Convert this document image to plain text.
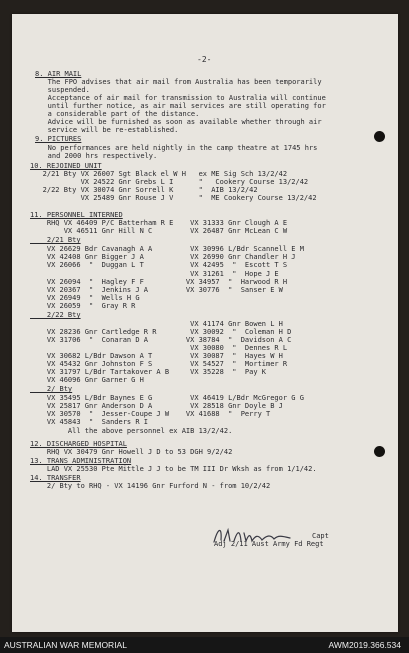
-2-
8. AIR MAIL
The FPO advises that air mail from Australia has been temporarily
suspended.
Acceptance of air mail for transmission to Australia will continue
until further notice, as air mail services are still operating for
a considerable part of the distance.
Advice will be furnished as soon as available whether through air
service will be re-established.
9. PICTURES
No performances are held nightly in the camp theatre at 1745 hrs
and 2000 hrs respectively.
10. REJOINED UNIT
2/21 Bty VX 26007 Sgt Black el W H   ex ME Sig Sch 13/2/42
VX 24522 Gnr Grebs L I      "   Cookery Course 13/2/42
2/22 Bty VX 30074 Gnr Sorrell K      "  AIB 13/2/42
VX 25489 Gnr Rouse J V      "  ME Cookery Course 13/2/42
11. PERSONNEL INTERNED
RHQ VX 46409 P/C Batterham R E    VX 31333 Gnr Clough A E
VX 46511 Gnr Hill N C         VX 26487 Gnr McLean C W
2/21 Bty
VX 26629 Bdr Cavanagh A A         VX 30996 L/Bdr Scannell E M
VX 42408 Gnr Bigger J A           VX 26990 Gnr Chandler H J
VX 26066  "  Duggan L T           VX 42495  "  Escott T S
VX 31261  "  Hope J E
VX 26094  "  Hagley F F          VX 34957  "  Harwood R H
VX 20367  "  Jenkins J A         VX 30776  "  Sanser E W
VX 26949  "  Wells H G
VX 26059  "  Gray R R
2/22 Bty
VX 41174 Gnr Bowen L H
VX 28236 Gnr Cartledge R R        VX 30092  "  Coleman H D
VX 31706  "  Conaran D A         VX 38784  "  Davidson A C
VX 30080  "  Dennes R L
VX 30682 L/Bdr Dawson A T         VX 30087  "  Hayes W H
VX 45432 Gnr Johnston F S         VX 54527  "  Mortimer R
VX 31797 L/Bdr Tartakover A B     VX 35228  "  Pay K
VX 46096 Gnr Garner G H
2/ Bty
VX 35495 L/Bdr Baynes E G         VX 46419 L/Bdr McGregor G G
VX 25817 Gnr Anderson D A         VX 28518 Gnr Doyle B J
VX 30570  "  Jesser-Coupe J W    VX 41688  "  Perry T
VX 45843  "  Sanders R I
All the above personnel ex AIB 13/2/42.
12. DISCHARGED HOSPITAL
RHQ VX 30479 Gnr Howell J D to 53 DGH 9/2/42
13. TRANS ADMINISTRATION
LAD VX 25530 Pte Mittle J J to be TM III Dr Wksh as from 1/1/42.
14. TRANSFER
2/ Bty to RHQ - VX 14196 Gnr Furford N - from 10/2/42
Capt
Adj 2/11 Aust Army Fd Regt
AUSTRALIAN WAR MEMORIAL	AWM2019.366.534
